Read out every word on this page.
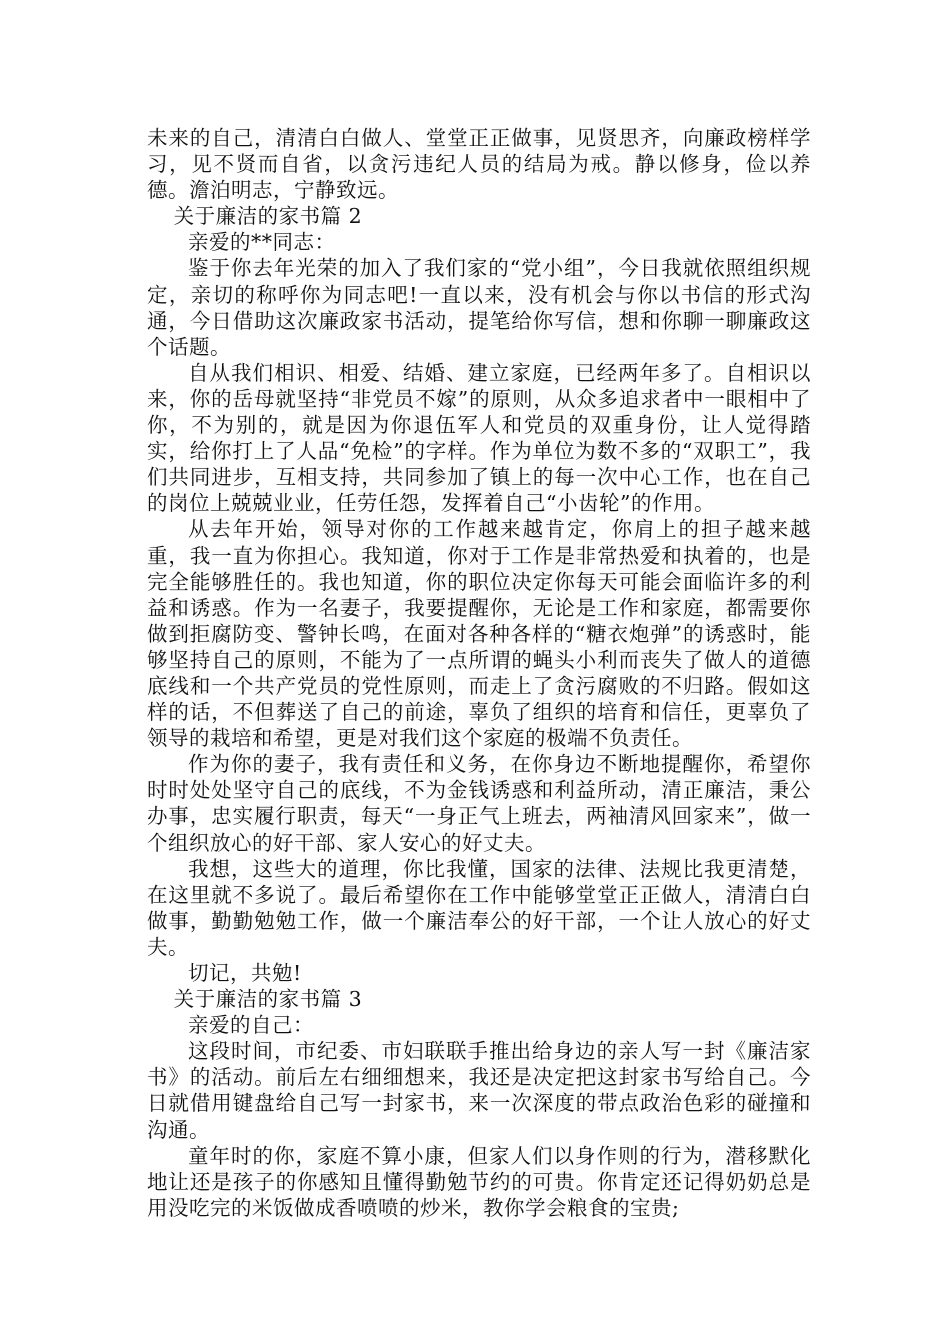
未来的自己，清清白白做人、堂堂正正做事，见贤思齐，向廉政榜样学习，见不贤而自省，以贪污违纪人员的结局为戒。静以修身，俭以养德。澹泊明志，宁静致远。

关于廉洁的家书篇 2

亲爱的**同志：

鉴于你去年光荣的加入了我们家的“党小组”，今日我就依照组织规定，亲切的称呼你为同志吧!一直以来，没有机会与你以书信的形式沟通，今日借助这次廉政家书活动，提笔给你写信，想和你聊一聊廉政这个话题。

自从我们相识、相爱、结婚、建立家庭，已经两年多了。自相识以来，你的岳母就坚持“非党员不嫁”的原则，从众多追求者中一眼相中了你，不为别的，就是因为你退伍军人和党员的双重身份，让人觉得踏实，给你打上了人品“免检”的字样。作为单位为数不多的“双职工”，我们共同进步，互相支持，共同参加了镇上的每一次中心工作，也在自己的岗位上兢兢业业，任劳任怨，发挥着自己“小齿轮”的作用。

从去年开始，领导对你的工作越来越肯定，你肩上的担子越来越重，我一直为你担心。我知道，你对于工作是非常热爱和执着的，也是完全能够胜任的。我也知道，你的职位决定你每天可能会面临许多的利益和诱惑。作为一名妻子，我要提醒你，无论是工作和家庭，都需要你做到拒腐防变、警钟长鸣，在面对各种各样的“糖衣炮弹”的诱惑时，能够坚持自己的原则，不能为了一点所谓的蝇头小利而丧失了做人的道德底线和一个共产党员的党性原则，而走上了贪污腐败的不归路。假如这样的话，不但葬送了自己的前途，辜负了组织的培育和信任，更辜负了领导的栽培和希望，更是对我们这个家庭的极端不负责任。

作为你的妻子，我有责任和义务，在你身边不断地提醒你，希望你时时处处坚守自己的底线，不为金钱诱惑和利益所动，清正廉洁，秉公办事，忠实履行职责，每天“一身正气上班去，两袖清风回家来”，做一个组织放心的好干部、家人安心的好丈夫。

我想，这些大的道理，你比我懂，国家的法律、法规比我更清楚，在这里就不多说了。最后希望你在工作中能够堂堂正正做人，清清白白做事，勤勤勉勉工作，做一个廉洁奉公的好干部，一个让人放心的好丈夫。

切记，共勉!

关于廉洁的家书篇 3

亲爱的自己：

这段时间，市纪委、市妇联联手推出给身边的亲人写一封《廉洁家书》的活动。前后左右细细想来，我还是决定把这封家书写给自己。今日就借用键盘给自己写一封家书，来一次深度的带点政治色彩的碰撞和沟通。

童年时的你，家庭不算小康，但家人们以身作则的行为，潜移默化地让还是孩子的你感知且懂得勤勉节约的可贵。你肯定还记得奶奶总是用没吃完的米饭做成香喷喷的炒米，教你学会粮食的宝贵;
